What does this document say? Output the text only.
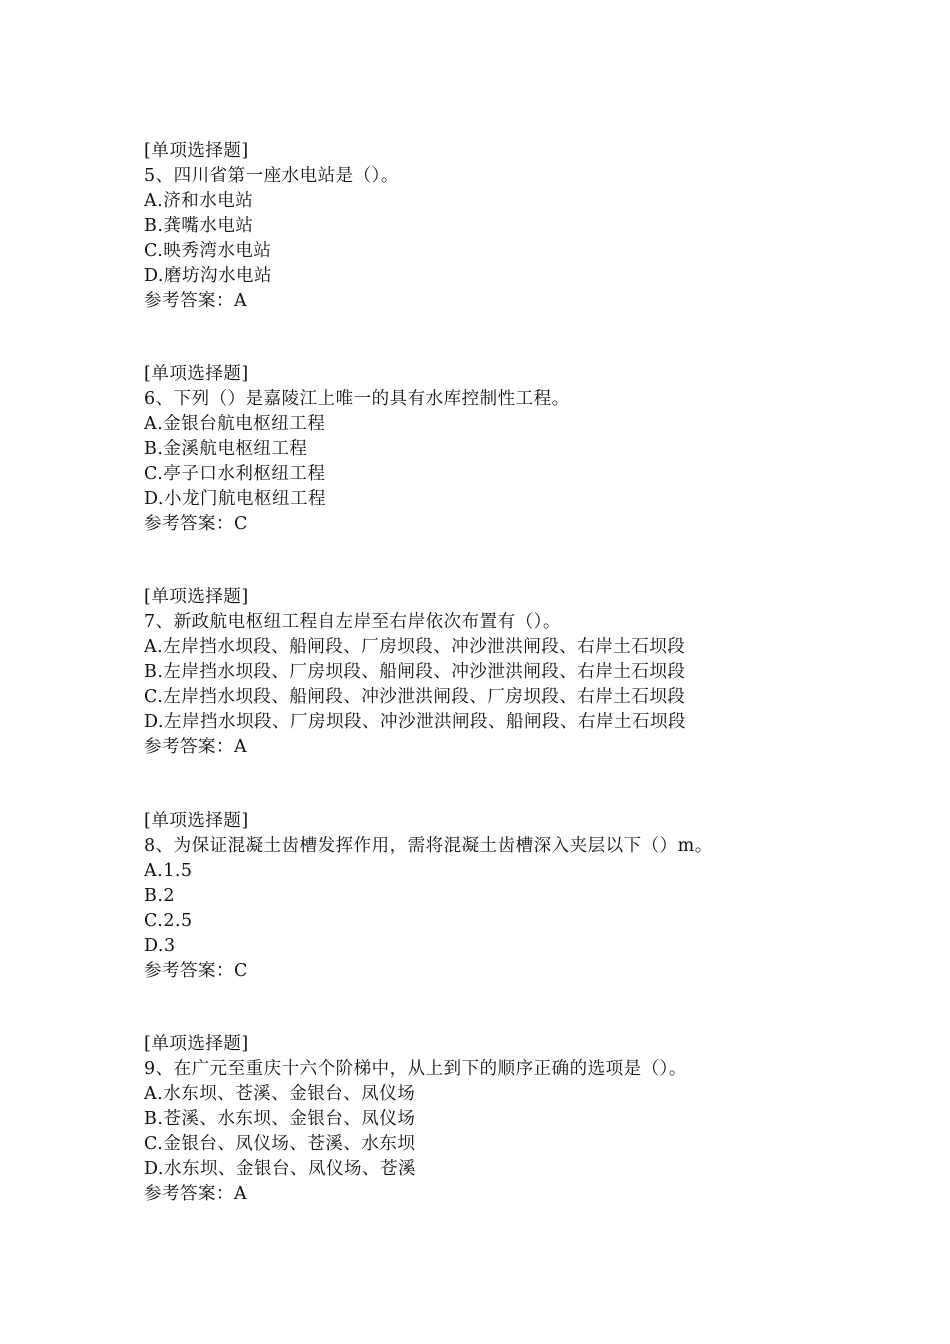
[单项选择题]
5、四川省第一座水电站是（）。
A.济和水电站
B.龚嘴水电站
C.映秀湾水电站
D.磨坊沟水电站
参考答案：A
[单项选择题]
6、下列（）是嘉陵江上唯一的具有水库控制性工程。
A.金银台航电枢纽工程
B.金溪航电枢纽工程
C.亭子口水利枢纽工程
D.小龙门航电枢纽工程
参考答案：C
[单项选择题]
7、新政航电枢纽工程自左岸至右岸依次布置有（）。
A.左岸挡水坝段、船闸段、厂房坝段、冲沙泄洪闸段、右岸土石坝段
B.左岸挡水坝段、厂房坝段、船闸段、冲沙泄洪闸段、右岸土石坝段
C.左岸挡水坝段、船闸段、冲沙泄洪闸段、厂房坝段、右岸土石坝段
D.左岸挡水坝段、厂房坝段、冲沙泄洪闸段、船闸段、右岸土石坝段
参考答案：A
[单项选择题]
8、为保证混凝土齿槽发挥作用，需将混凝土齿槽深入夹层以下（）m。
A.1.5
B.2
C.2.5
D.3
参考答案：C
[单项选择题]
9、在广元至重庆十六个阶梯中，从上到下的顺序正确的选项是（）。
A.水东坝、苍溪、金银台、凤仪场
B.苍溪、水东坝、金银台、凤仪场
C.金银台、凤仪场、苍溪、水东坝
D.水东坝、金银台、凤仪场、苍溪
参考答案：A
